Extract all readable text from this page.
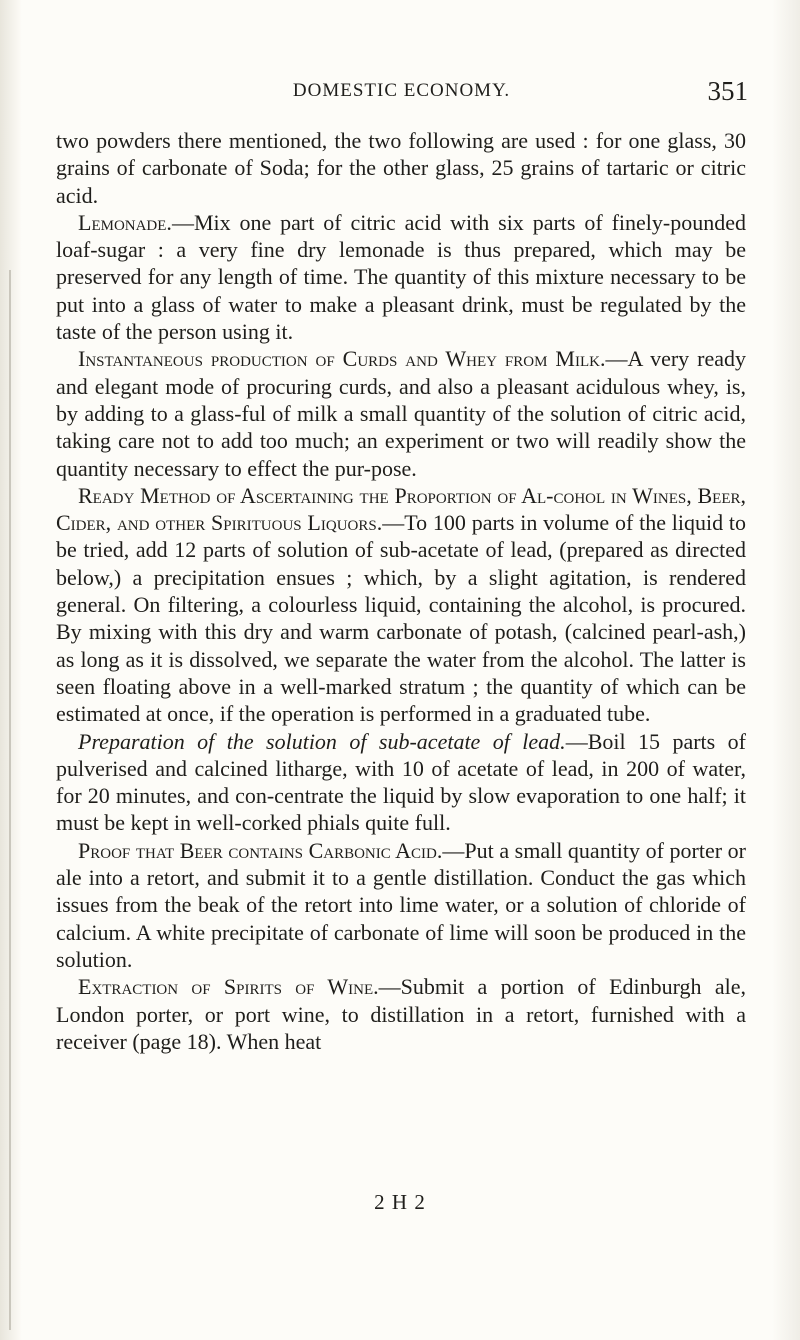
DOMESTIC ECONOMY.	351

two powders there mentioned, the two following are used : for one glass, 30 grains of carbonate of Soda; for the other glass, 25 grains of tartaric or citric acid.

Lemonade.—Mix one part of citric acid with six parts of finely-pounded loaf-sugar : a very fine dry lemonade is thus prepared, which may be preserved for any length of time. The quantity of this mixture necessary to be put into a glass of water to make a pleasant drink, must be regulated by the taste of the person using it.

Instantaneous production of Curds and Whey from Milk.—A very ready and elegant mode of procuring curds, and also a pleasant acidulous whey, is, by adding to a glass-ful of milk a small quantity of the solution of citric acid, taking care not to add too much; an experiment or two will readily show the quantity necessary to effect the pur-pose.

Ready Method of Ascertaining the Proportion of Al-cohol in Wines, Beer, Cider, and other Spirituous Liquors.—To 100 parts in volume of the liquid to be tried, add 12 parts of solution of sub-acetate of lead, (prepared as directed below,) a precipitation ensues ; which, by a slight agitation, is rendered general. On filtering, a colourless liquid, containing the alcohol, is procured. By mixing with this dry and warm carbonate of potash, (calcined pearl-ash,) as long as it is dissolved, we separate the water from the alcohol. The latter is seen floating above in a well-marked stratum ; the quantity of which can be estimated at once, if the operation is performed in a graduated tube.

Preparation of the solution of sub-acetate of lead.—Boil 15 parts of pulverised and calcined litharge, with 10 of acetate of lead, in 200 of water, for 20 minutes, and con-centrate the liquid by slow evaporation to one half; it must be kept in well-corked phials quite full.

Proof that Beer contains Carbonic Acid.—Put a small quantity of porter or ale into a retort, and submit it to a gentle distillation. Conduct the gas which issues from the beak of the retort into lime water, or a solution of chloride of calcium. A white precipitate of carbonate of lime will soon be produced in the solution.

Extraction of Spirits of Wine.—Submit a portion of Edinburgh ale, London porter, or port wine, to distillation in a retort, furnished with a receiver (page 18). When heat

2 H 2
